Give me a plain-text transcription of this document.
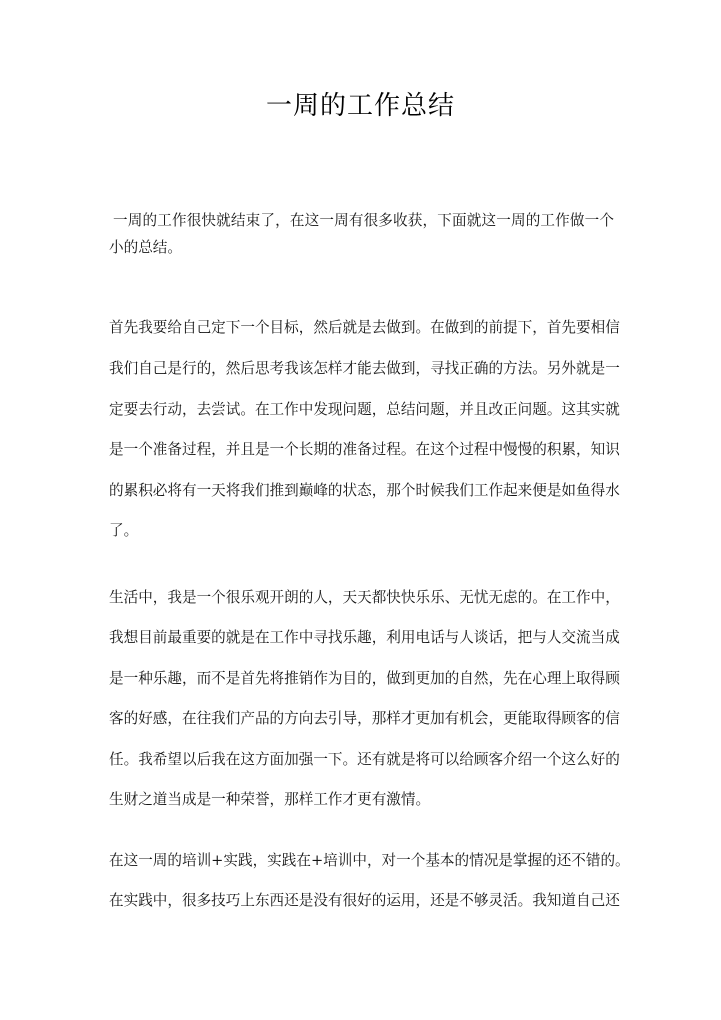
一周的工作总结
一周的工作很快就结束了，在这一周有很多收获，下面就这一周的工作做一个
小的总结。
首先我要给自己定下一个目标，然后就是去做到。在做到的前提下，首先要相信
我们自己是行的，然后思考我该怎样才能去做到，寻找正确的方法。另外就是一
定要去行动，去尝试。在工作中发现问题，总结问题，并且改正问题。这其实就
是一个准备过程，并且是一个长期的准备过程。在这个过程中慢慢的积累，知识
的累积必将有一天将我们推到巅峰的状态，那个时候我们工作起来便是如鱼得水
了。
生活中，我是一个很乐观开朗的人，天天都快快乐乐、无忧无虑的。在工作中，
我想目前最重要的就是在工作中寻找乐趣，利用电话与人谈话，把与人交流当成
是一种乐趣，而不是首先将推销作为目的，做到更加的自然，先在心理上取得顾
客的好感，在往我们产品的方向去引导，那样才更加有机会，更能取得顾客的信
任。我希望以后我在这方面加强一下。还有就是将可以给顾客介绍一个这么好的
生财之道当成是一种荣誉，那样工作才更有激情。
在这一周的培训+实践，实践在+培训中，对一个基本的情况是掌握的还不错的。
在实践中，很多技巧上东西还是没有很好的运用，还是不够灵活。我知道自己还
